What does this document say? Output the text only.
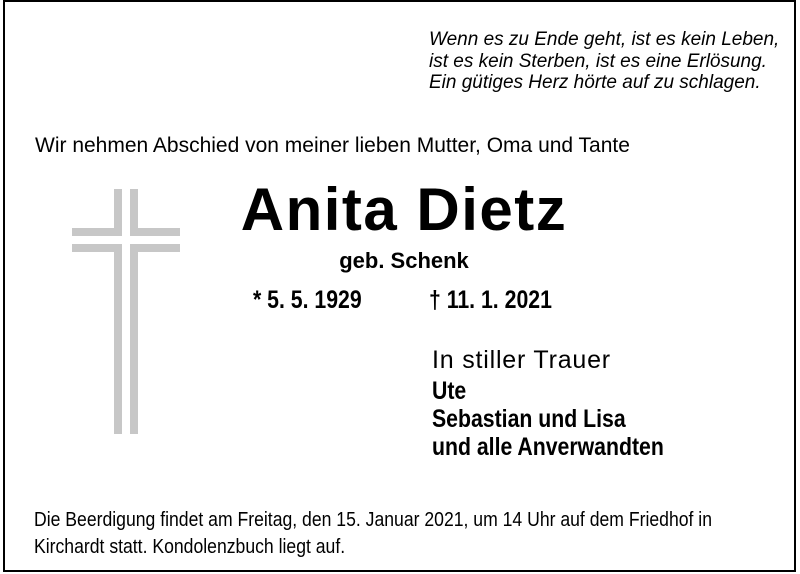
Wenn es zu Ende geht, ist es kein Leben,
ist es kein Sterben, ist es eine Erlösung.
Ein gütiges Herz hörte auf zu schlagen.
Wir nehmen Abschied von meiner lieben Mutter, Oma und Tante
Anita Dietz
geb. Schenk
* 5. 5. 1929	† 11. 1. 2021
In stiller Trauer
Ute
Sebastian und Lisa
und alle Anverwandten
Die Beerdigung findet am Freitag, den 15. Januar 2021, um 14 Uhr auf dem Friedhof in
Kirchardt statt. Kondolenzbuch liegt auf.
